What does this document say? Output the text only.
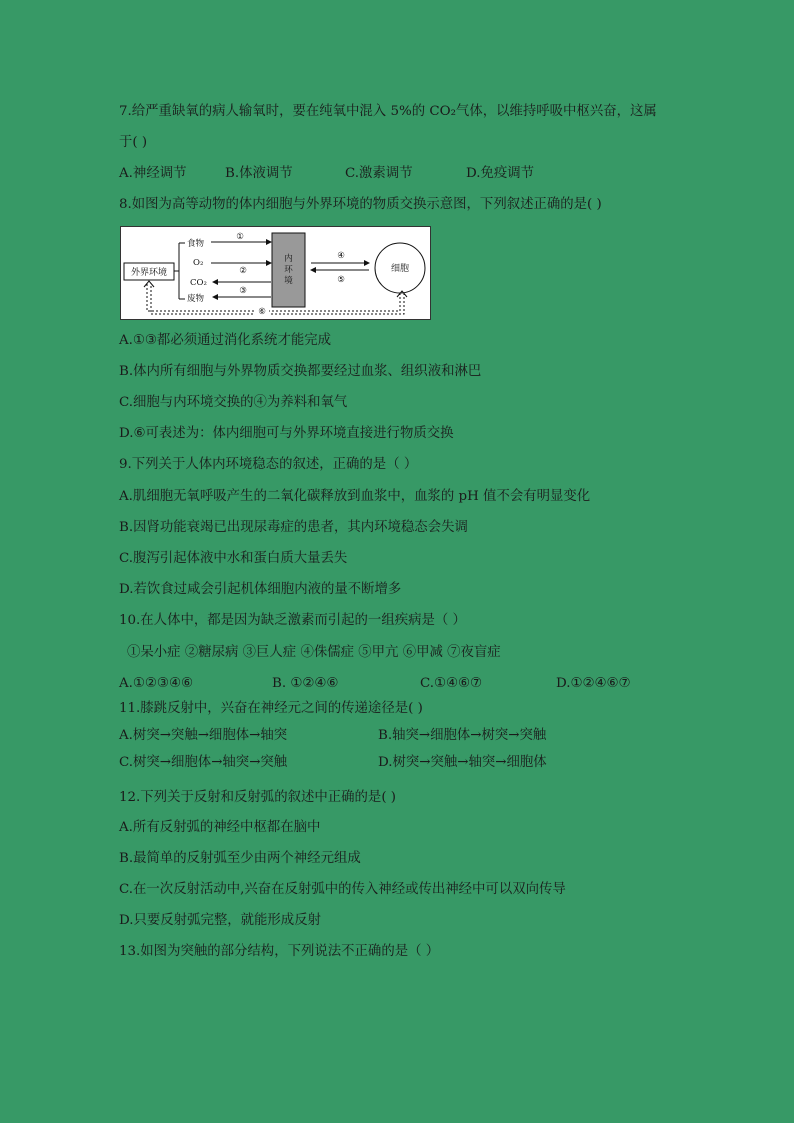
7.给严重缺氧的病人输氧时，要在纯氧中混入 5%的 CO₂气体，以维持呼吸中枢兴奋，这属
于( )
A.神经调节	B.体液调节	C.激素调节	D.免疫调节
8.如图为高等动物的体内细胞与外界环境的物质交换示意图，下列叙述正确的是( )
外界环境
食物
O₂
CO₂
废物
①
②
③
内
环
境
④
⑤
细胞
⑥
A.①③都必须通过消化系统才能完成
B.体内所有细胞与外界物质交换都要经过血浆、组织液和淋巴
C.细胞与内环境交换的④为养料和氧气
D.⑥可表述为：体内细胞可与外界环境直接进行物质交换
9.下列关于人体内环境稳态的叙述，正确的是（ ）
A.肌细胞无氧呼吸产生的二氧化碳释放到血浆中，血浆的 pH 值不会有明显变化
B.因肾功能衰竭已出现尿毒症的患者，其内环境稳态会失调
C.腹泻引起体液中水和蛋白质大量丢失
D.若饮食过咸会引起机体细胞内液的量不断增多
10.在人体中，都是因为缺乏激素而引起的一组疾病是（ ）
①呆小症 ②糖尿病 ③巨人症 ④侏儒症 ⑤甲亢 ⑥甲减 ⑦夜盲症
A.①②③④⑥	B. ①②④⑥	C.①④⑥⑦	D.①②④⑥⑦
11.膝跳反射中，兴奋在神经元之间的传递途径是( )
A.树突→突触→细胞体→轴突	B.轴突→细胞体→树突→突触
C.树突→细胞体→轴突→突触	D.树突→突触→轴突→细胞体
12.下列关于反射和反射弧的叙述中正确的是( )
A.所有反射弧的神经中枢都在脑中
B.最简单的反射弧至少由两个神经元组成
C.在一次反射活动中,兴奋在反射弧中的传入神经或传出神经中可以双向传导
D.只要反射弧完整，就能形成反射
13.如图为突触的部分结构，下列说法不正确的是（ ）
